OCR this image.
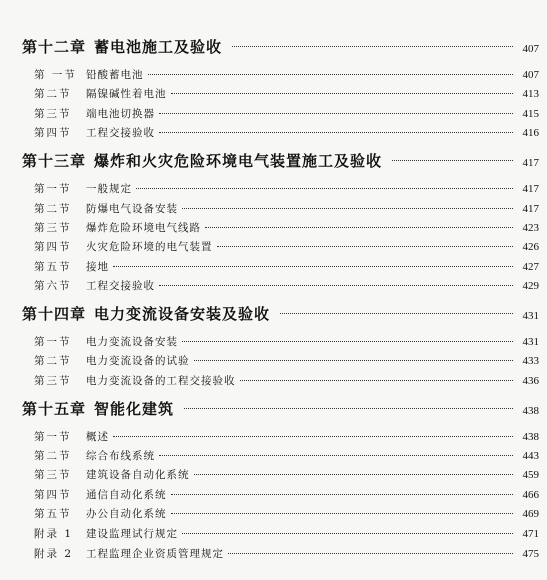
第十二章 蓄电池施工及验收	407
第 一节 铅酸蓄电池	407
第二节	隔镍碱性着电池	413
第三节	端电池切换器	415
第四节	工程交接验收	416
第十三章 爆炸和火灾危险环境电气装置施工及验收	417
第一节	一般规定	417
第二节	防爆电气设备安装	417
第三节	爆炸危险环境电气线路	423
第四节	火灾危险环境的电气装置	426
第五节	接地	427
第六节	工程交接验收	429
第十四章 电力变流设备安装及验收	431
第一节	电力变流设备安装	431
第二节	电力变流设备的试验	433
第三节	电力变流设备的工程交接验收	436
第十五章 智能化建筑	438
第一节	概述	438
第二节	综合布线系统	443
第三节	建筑设备自动化系统	459
第四节	通信自动化系统	466
第五节	办公自动化系统	469
附录 1	建设监理试行规定	471
附录 2	工程监理企业资质管理规定	475
